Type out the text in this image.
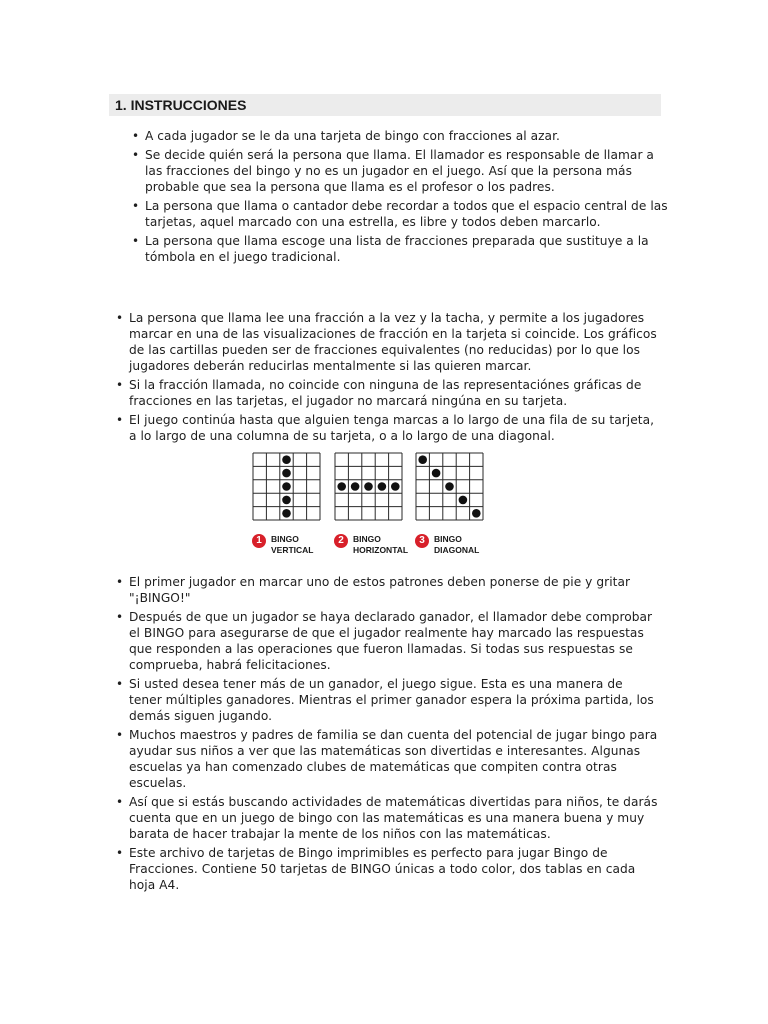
1. INSTRUCCIONES
• A cada jugador se le da una tarjeta de bingo con fracciones al azar.
• Se decide quién será la persona que llama. El llamador es responsable de llamar a las fracciones del bingo y no es un jugador en el juego. Así que la persona más probable que sea la persona que llama es el profesor o los padres.
• La persona que llama o cantador debe recordar a todos que el espacio central de las tarjetas, aquel marcado con una estrella, es libre y todos deben marcarlo.
• La persona que llama escoge una lista de fracciones preparada que sustituye a la tómbola en el juego tradicional.
• La persona que llama lee una fracción a la vez y la tacha, y permite a los jugadores marcar en una de las visualizaciones de fracción en la tarjeta si coincide. Los gráficos de las cartillas pueden ser de fracciones equivalentes (no reducidas) por lo que los jugadores deberán reducirlas mentalmente si las quieren marcar.
• Si la fracción llamada, no coincide con ninguna de las representaciónes gráficas de fracciones en las tarjetas, el jugador no marcará ningúna en su tarjeta.
• El juego continúa hasta que alguien tenga marcas a lo largo de una fila de su tarjeta, a lo largo de una columna de su tarjeta, o a lo largo de una diagonal.
1	BINGO
VERTICAL
2	BINGO
HORIZONTAL
3	BINGO
DIAGONAL
• El primer jugador en marcar uno de estos patrones deben ponerse de pie y gritar "¡BINGO!"
• Después de que un jugador se haya declarado ganador, el llamador debe comprobar el BINGO para asegurarse de que el jugador realmente hay marcado las respuestas que responden a las operaciones que fueron llamadas. Si todas sus respuestas se comprueba, habrá felicitaciones.
• Si usted desea tener más de un ganador, el juego sigue. Esta es una manera de tener múltiples ganadores. Mientras el primer ganador espera la próxima partida, los demás siguen jugando.
• Muchos maestros y padres de familia se dan cuenta del potencial de jugar bingo para ayudar sus niños a ver que las matemáticas son divertidas e interesantes. Algunas escuelas ya han comenzado clubes de matemáticas que compiten contra otras escuelas.
• Así que si estás buscando actividades de matemáticas divertidas para niños, te darás cuenta que en un juego de bingo con las matemáticas es una manera buena y muy barata de hacer trabajar la mente de los niños con las matemáticas.
• Este archivo de tarjetas de Bingo imprimibles es perfecto para jugar Bingo de Fracciones. Contiene 50 tarjetas de BINGO únicas a todo color, dos tablas en cada hoja A4.
